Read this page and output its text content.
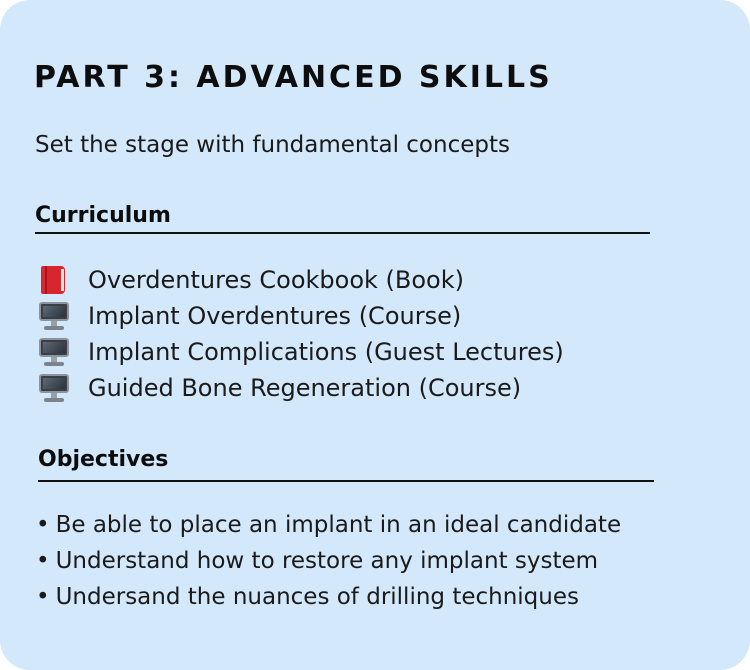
PART 3: ADVANCED SKILLS
Set the stage with fundamental concepts
Curriculum
Overdentures Cookbook (Book)
Implant Overdentures (Course)
Implant Complications (Guest Lectures)
Guided Bone Regeneration (Course)
Objectives
• Be able to place an implant in an ideal candidate
• Understand how to restore any implant system
• Undersand the nuances of drilling techniques
